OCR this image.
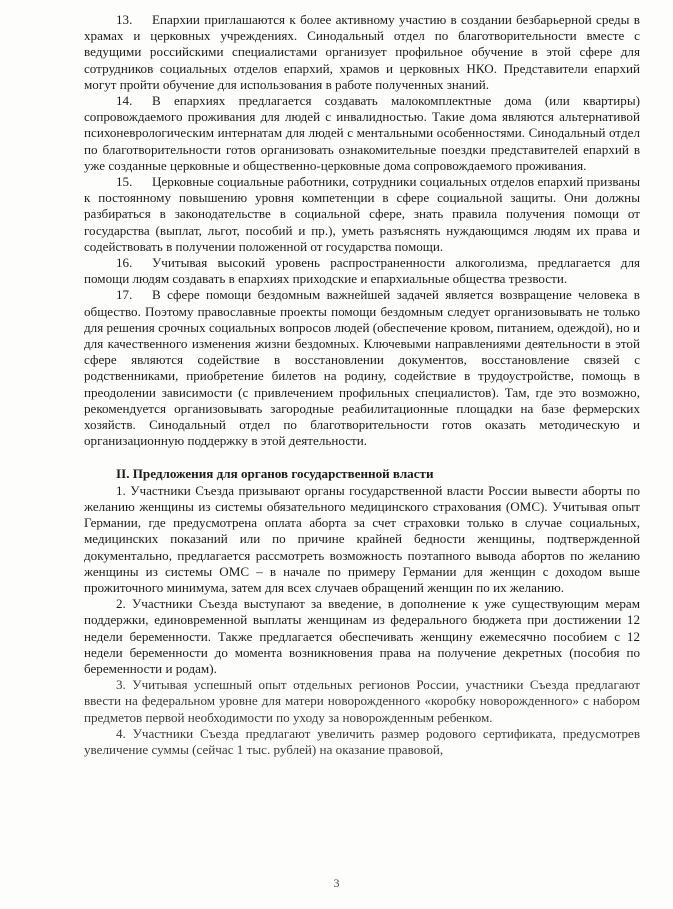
13. Епархии приглашаются к более активному участию в создании безбарьерной среды в храмах и церковных учреждениях. Синодальный отдел по благотворительности вместе с ведущими российскими специалистами организует профильное обучение в этой сфере для сотрудников социальных отделов епархий, храмов и церковных НКО. Представители епархий могут пройти обучение для использования в работе полученных знаний.

14. В епархиях предлагается создавать малокомплектные дома (или квартиры) сопровождаемого проживания для людей с инвалидностью. Такие дома являются альтернативой психоневрологическим интернатам для людей с ментальными особенностями. Синодальный отдел по благотворительности готов организовать ознакомительные поездки представителей епархий в уже созданные церковные и общественно-церковные дома сопровождаемого проживания.

15. Церковные социальные работники, сотрудники социальных отделов епархий призваны к постоянному повышению уровня компетенции в сфере социальной защиты. Они должны разбираться в законодательстве в социальной сфере, знать правила получения помощи от государства (выплат, льгот, пособий и пр.), уметь разъяснять нуждающимся людям их права и содействовать в получении положенной от государства помощи.

16. Учитывая высокий уровень распространенности алкоголизма, предлагается для помощи людям создавать в епархиях приходские и епархиальные общества трезвости.

17. В сфере помощи бездомным важнейшей задачей является возвращение человека в общество. Поэтому православные проекты помощи бездомным следует организовывать не только для решения срочных социальных вопросов людей (обеспечение кровом, питанием, одеждой), но и для качественного изменения жизни бездомных. Ключевыми направлениями деятельности в этой сфере являются содействие в восстановлении документов, восстановление связей с родственниками, приобретение билетов на родину, содействие в трудоустройстве, помощь в преодолении зависимости (с привлечением профильных специалистов). Там, где это возможно, рекомендуется организовывать загородные реабилитационные площадки на базе фермерских хозяйств. Синодальный отдел по благотворительности готов оказать методическую и организационную поддержку в этой деятельности.

II. Предложения для органов государственной власти

1. Участники Съезда призывают органы государственной власти России вывести аборты по желанию женщины из системы обязательного медицинского страхования (ОМС). Учитывая опыт Германии, где предусмотрена оплата аборта за счет страховки только в случае социальных, медицинских показаний или по причине крайней бедности женщины, подтвержденной документально, предлагается рассмотреть возможность поэтапного вывода абортов по желанию женщины из системы ОМС – в начале по примеру Германии для женщин с доходом выше прожиточного минимума, затем для всех случаев обращений женщин по их желанию.

2. Участники Съезда выступают за введение, в дополнение к уже существующим мерам поддержки, единовременной выплаты женщинам из федерального бюджета при достижении 12 недели беременности. Также предлагается обеспечивать женщину ежемесячно пособием с 12 недели беременности до момента возникновения права на получение декретных (пособия по беременности и родам).

3. Учитывая успешный опыт отдельных регионов России, участники Съезда предлагают ввести на федеральном уровне для матери новорожденного «коробку новорожденного» с набором предметов первой необходимости по уходу за новорожденным ребенком.

4. Участники Съезда предлагают увеличить размер родового сертификата, предусмотрев увеличение суммы (сейчас 1 тыс. рублей) на оказание правовой,

3
